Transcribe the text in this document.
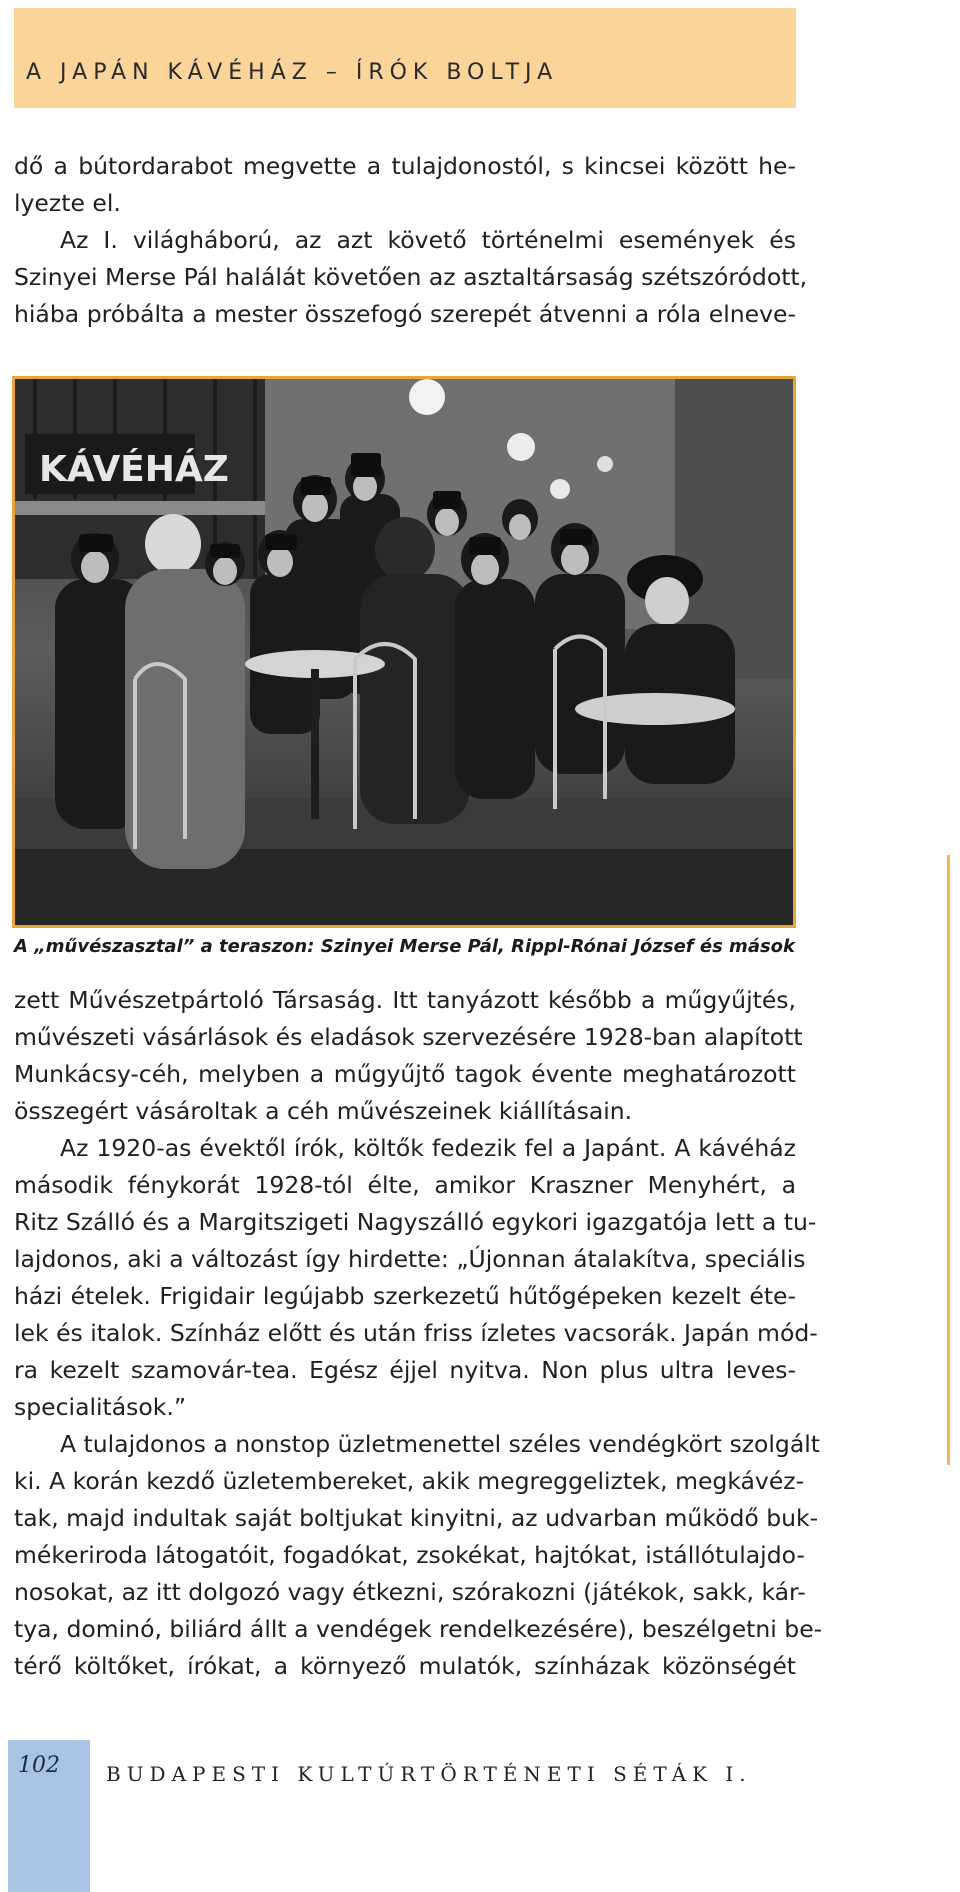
A JAPÁN KÁVÉHÁZ – ÍRÓK BOLTJA
dő a bútordarabot megvette a tulajdonostól, s kincsei között he-
lyezte el.
Az I. világháború, az azt követő történelmi események és
Szinyei Merse Pál halálát követően az asztaltársaság szétszóródott,
hiába próbálta a mester összefogó szerepét átvenni a róla elneve-
KÁVÉHÁZ
A „művészasztal” a teraszon: Szinyei Merse Pál, Rippl-Rónai József és mások
zett Művészetpártoló Társaság. Itt tanyázott később a műgyűjtés,
művészeti vásárlások és eladások szervezésére 1928-ban alapított
Munkácsy-céh, melyben a műgyűjtő tagok évente meghatározott
összegért vásároltak a céh művészeinek kiállításain.
Az 1920-as évektől írók, költők fedezik fel a Japánt. A kávéház
második fénykorát 1928-tól élte, amikor Kraszner Menyhért, a
Ritz Szálló és a Margitszigeti Nagyszálló egykori igazgatója lett a tu-
lajdonos, aki a változást így hirdette: „Újonnan átalakítva, speciális
házi ételek. Frigidair legújabb szerkezetű hűtőgépeken kezelt éte-
lek és italok. Színház előtt és után friss ízletes vacsorák. Japán mód-
ra kezelt szamovár-tea. Egész éjjel nyitva. Non plus ultra leves-
specialitások.”
A tulajdonos a nonstop üzletmenettel széles vendégkört szolgált
ki. A korán kezdő üzletembereket, akik megreggeliztek, megkávéz-
tak, majd indultak saját boltjukat kinyitni, az udvarban működő buk-
mékeriroda látogatóit, fogadókat, zsokékat, hajtókat, istállótulajdo-
nosokat, az itt dolgozó vagy étkezni, szórakozni (játékok, sakk, kár-
tya, dominó, biliárd állt a vendégek rendelkezésére), beszélgetni be-
térő költőket, írókat, a környező mulatók, színházak közönségét
102 BUDAPESTI KULTÚRTÖRTÉNETI SÉTÁK I.
